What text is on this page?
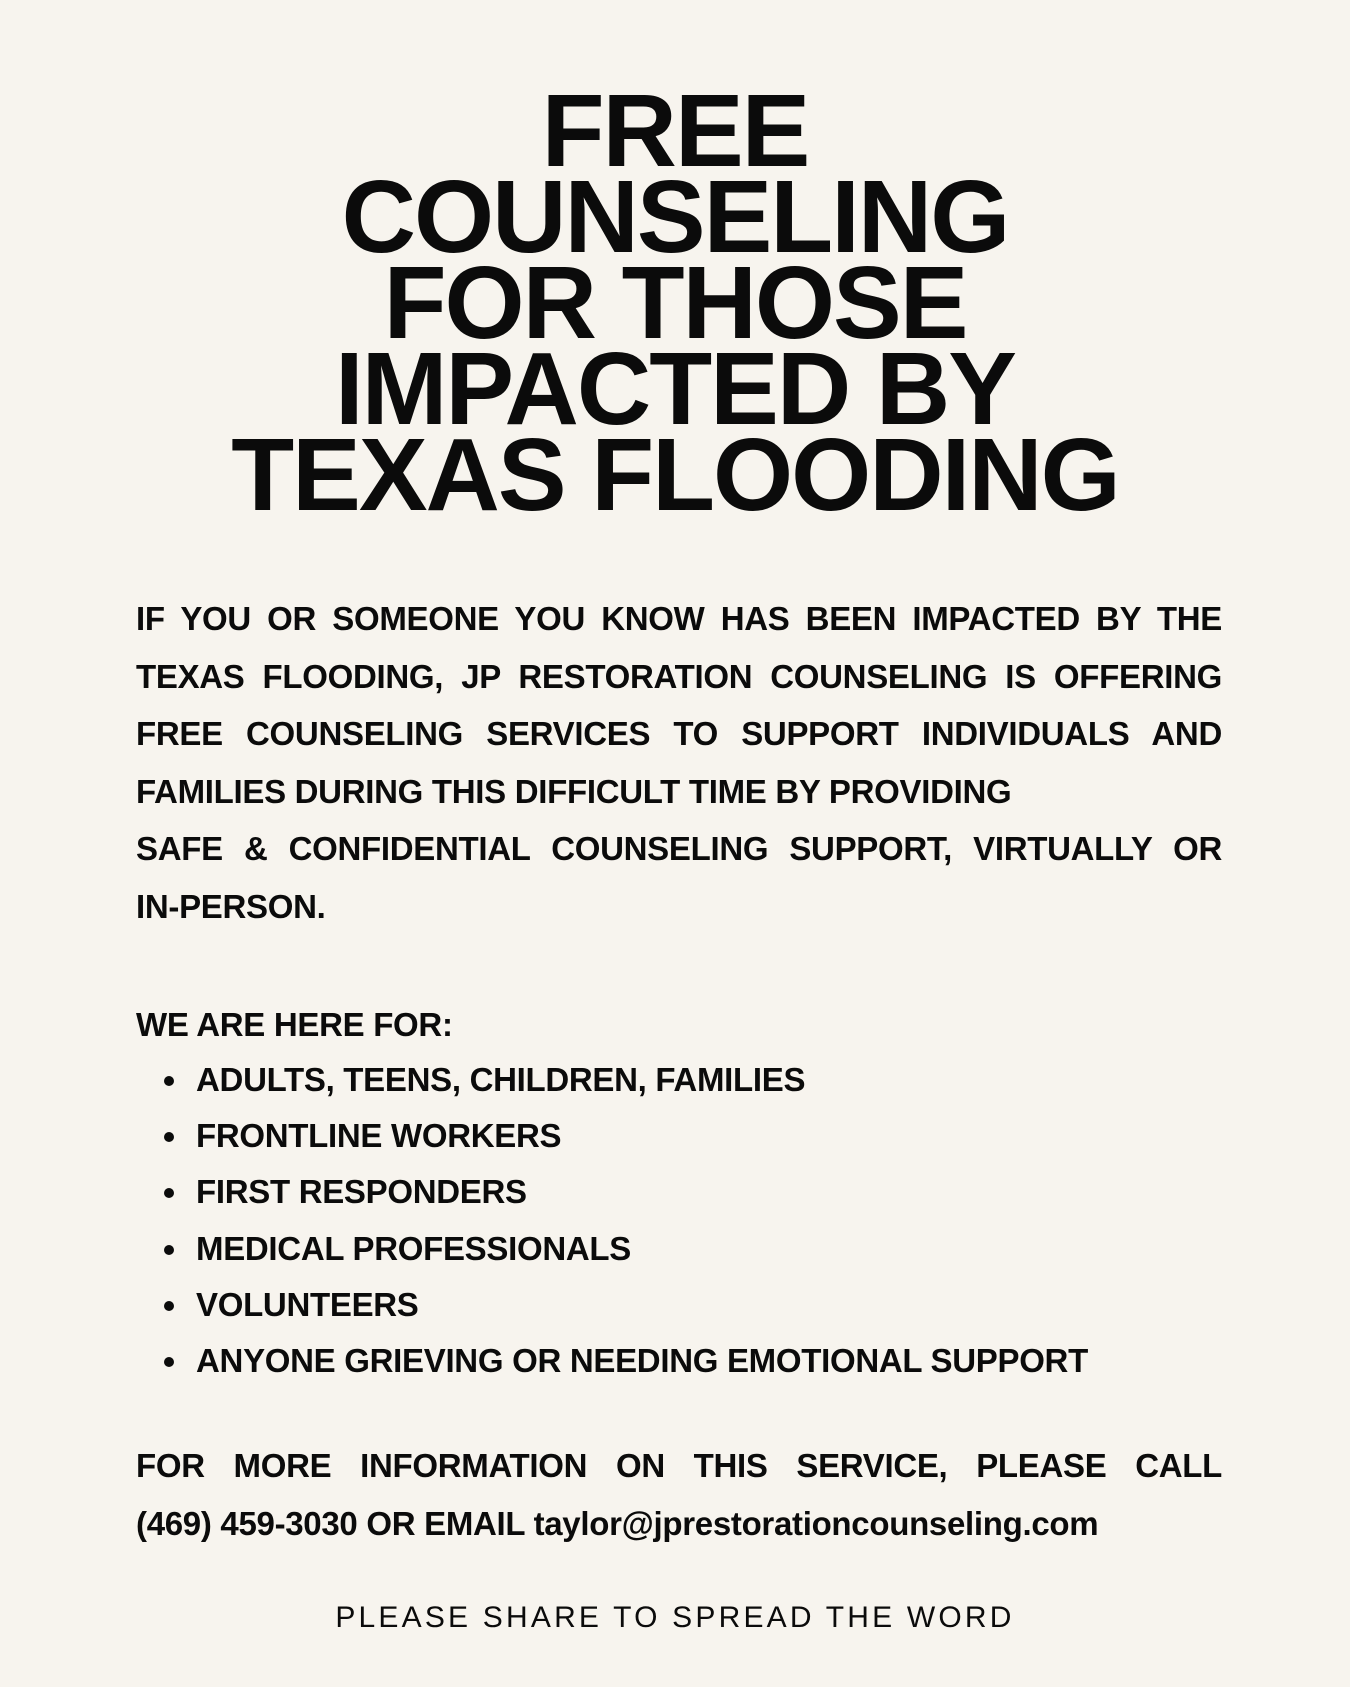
FREE
COUNSELING
FOR THOSE
IMPACTED BY
TEXAS FLOODING
IF YOU OR SOMEONE YOU KNOW HAS BEEN IMPACTED BY THE
TEXAS FLOODING, JP RESTORATION COUNSELING IS OFFERING
FREE COUNSELING SERVICES TO SUPPORT INDIVIDUALS AND
FAMILIES DURING THIS DIFFICULT TIME BY PROVIDING
SAFE & CONFIDENTIAL COUNSELING SUPPORT, VIRTUALLY OR
IN-PERSON.
WE ARE HERE FOR:
ADULTS, TEENS, CHILDREN, FAMILIES
FRONTLINE WORKERS
FIRST RESPONDERS
MEDICAL PROFESSIONALS
VOLUNTEERS
ANYONE GRIEVING OR NEEDING EMOTIONAL SUPPORT
FOR MORE INFORMATION ON THIS SERVICE, PLEASE CALL
(469) 459-3030 OR EMAIL taylor@jprestorationcounseling.com
PLEASE SHARE TO SPREAD THE WORD
